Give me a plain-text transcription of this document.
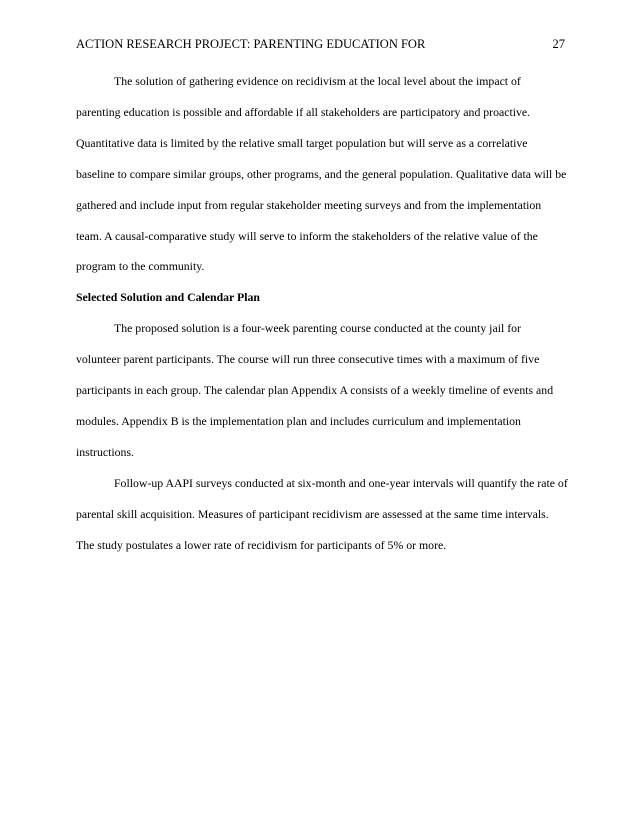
ACTION RESEARCH PROJECT: PARENTING EDUCATION FOR	27

The solution of gathering evidence on recidivism at the local level about the impact of parenting education is possible and affordable if all stakeholders are participatory and proactive. Quantitative data is limited by the relative small target population but will serve as a correlative baseline to compare similar groups, other programs, and the general population. Qualitative data will be gathered and include input from regular stakeholder meeting surveys and from the implementation team. A causal-comparative study will serve to inform the stakeholders of the relative value of the program to the community.

Selected Solution and Calendar Plan

The proposed solution is a four-week parenting course conducted at the county jail for volunteer parent participants. The course will run three consecutive times with a maximum of five participants in each group. The calendar plan Appendix A consists of a weekly timeline of events and modules. Appendix B is the implementation plan and includes curriculum and implementation instructions.

Follow-up AAPI surveys conducted at six-month and one-year intervals will quantify the rate of parental skill acquisition. Measures of participant recidivism are assessed at the same time intervals. The study postulates a lower rate of recidivism for participants of 5% or more.
